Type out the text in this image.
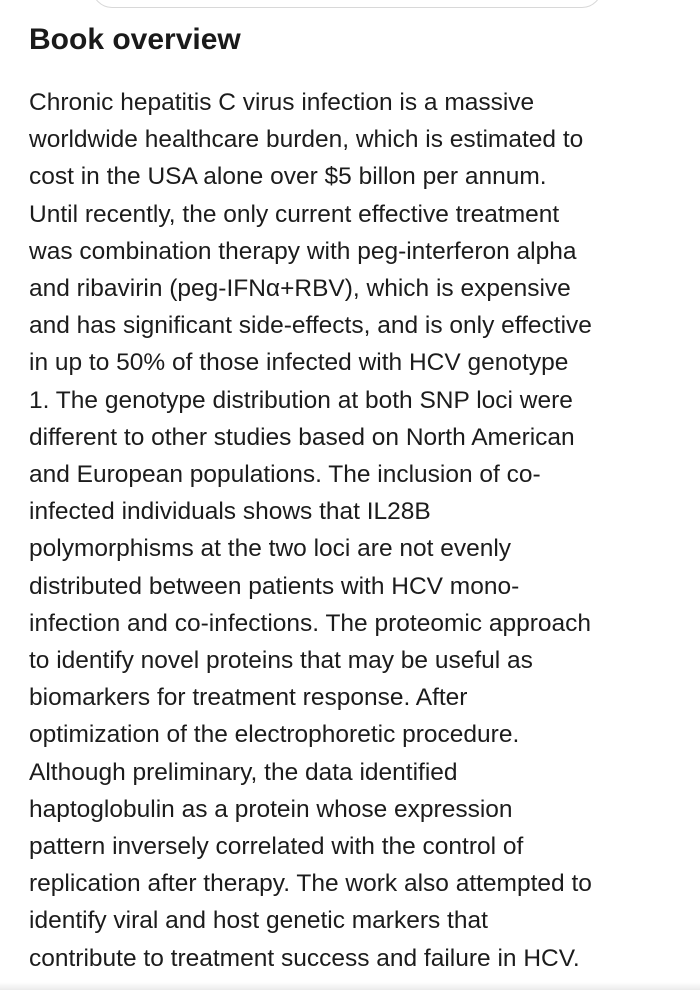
Book overview
Chronic hepatitis C virus infection is a massive
worldwide healthcare burden, which is estimated to
cost in the USA alone over $5 billon per annum.
Until recently, the only current effective treatment
was combination therapy with peg-interferon alpha
and ribavirin (peg-IFNα+RBV), which is expensive
and has significant side-effects, and is only effective
in up to 50% of those infected with HCV genotype
1. The genotype distribution at both SNP loci were
different to other studies based on North American
and European populations. The inclusion of co-
infected individuals shows that IL28B
polymorphisms at the two loci are not evenly
distributed between patients with HCV mono-
infection and co-infections. The proteomic approach
to identify novel proteins that may be useful as
biomarkers for treatment response. After
optimization of the electrophoretic procedure.
Although preliminary, the data identified
haptoglobulin as a protein whose expression
pattern inversely correlated with the control of
replication after therapy. The work also attempted to
identify viral and host genetic markers that
contribute to treatment success and failure in HCV.
